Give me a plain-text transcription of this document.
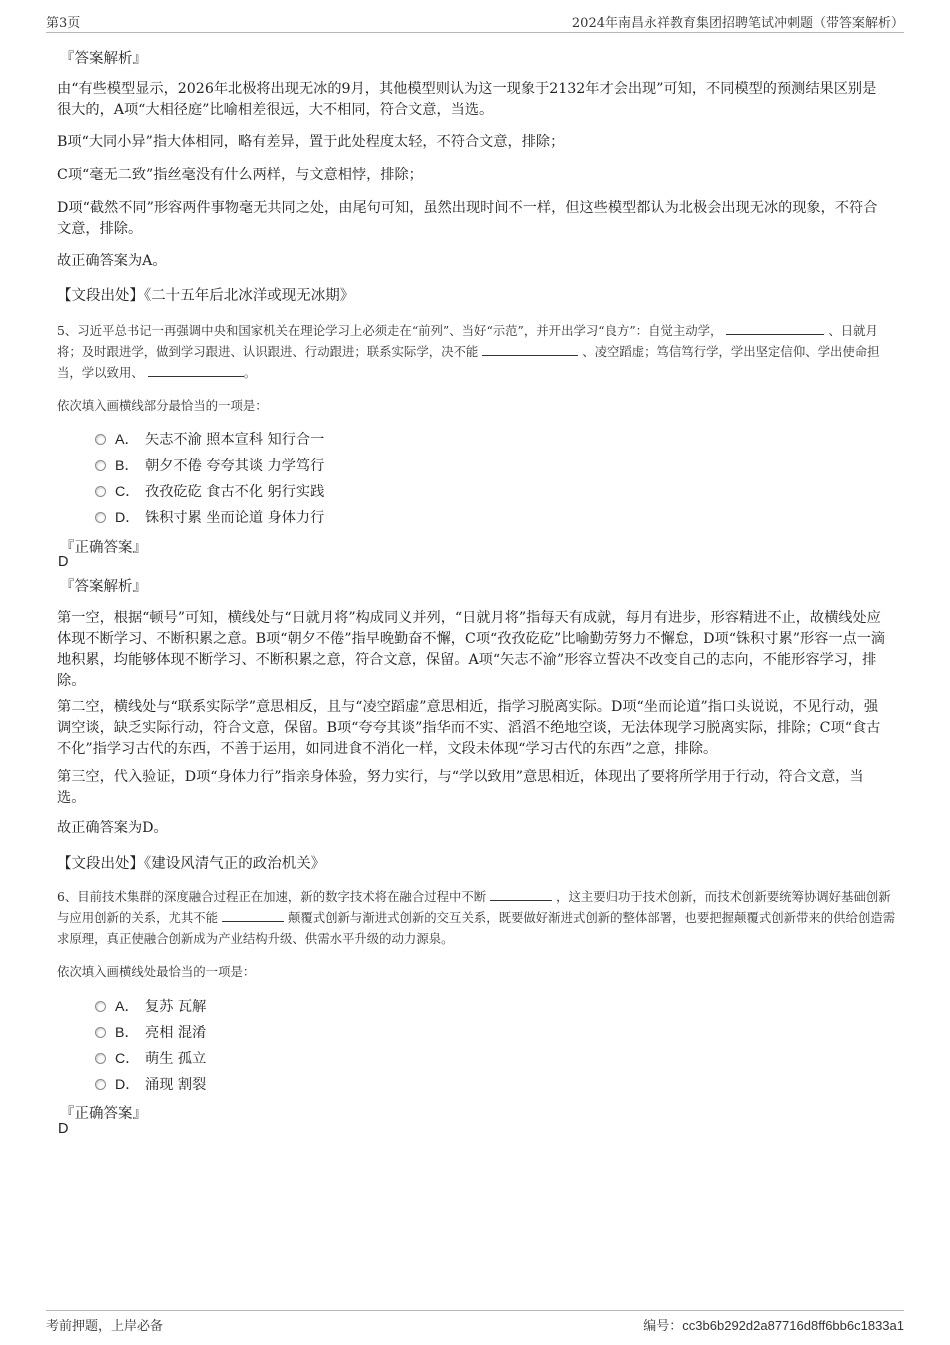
第3页	2024年南昌永祥教育集团招聘笔试冲刺题（带答案解析）
『答案解析』
由“有些模型显示，2026年北极将出现无冰的9月，其他模型则认为这一现象于2132年才会出现”可知，不同模型的预测结果区别是很大的，A项“大相径庭”比喻相差很远，大不相同，符合文意，当选。
B项“大同小异”指大体相同，略有差异，置于此处程度太轻，不符合文意，排除；
C项“毫无二致”指丝毫没有什么两样，与文意相悖，排除；
D项“截然不同”形容两件事物毫无共同之处，由尾句可知，虽然出现时间不一样，但这些模型都认为北极会出现无冰的现象，不符合文意，排除。
故正确答案为A。
【文段出处】《二十五年后北冰洋或现无冰期》
5、习近平总书记一再强调中央和国家机关在理论学习上必须走在“前列”、当好“示范”，并开出学习“良方”：自觉主动学，	、日就月将；及时跟进学，做到学习跟进、认识跟进、行动跟进；联系实际学，决不能	、凌空蹈虚；笃信笃行学，学出坚定信仰、学出使命担当，学以致用、	。
依次填入画横线部分最恰当的一项是：
A． 矢志不渝 照本宣科 知行合一
B． 朝夕不倦 夸夸其谈 力学笃行
C． 孜孜矻矻 食古不化 躬行实践
D． 铢积寸累 坐而论道 身体力行
『正确答案』
D
『答案解析』
第一空，根据“顿号”可知，横线处与“日就月将”构成同义并列，“日就月将”指每天有成就，每月有进步，形容精进不止，故横线处应体现不断学习、不断积累之意。B项“朝夕不倦”指早晚勤奋不懈，C项“孜孜矻矻”比喻勤劳努力不懈怠，D项“铢积寸累”形容一点一滴地积累，均能够体现不断学习、不断积累之意，符合文意，保留。A项“矢志不渝”形容立誓决不改变自己的志向，不能形容学习，排除。
第二空，横线处与“联系实际学”意思相反，且与“凌空蹈虚”意思相近，指学习脱离实际。D项“坐而论道”指口头说说，不见行动，强调空谈，缺乏实际行动，符合文意，保留。B项“夸夸其谈”指华而不实、滔滔不绝地空谈，无法体现学习脱离实际，排除；C项“食古不化”指学习古代的东西，不善于运用，如同进食不消化一样，文段未体现“学习古代的东西”之意，排除。
第三空，代入验证，D项“身体力行”指亲身体验，努力实行，与“学以致用”意思相近，体现出了要将所学用于行动，符合文意，当选。
故正确答案为D。
【文段出处】《建设风清气正的政治机关》
6、目前技术集群的深度融合过程正在加速，新的数字技术将在融合过程中不断	，这主要归功于技术创新，而技术创新要统筹协调好基础创新与应用创新的关系，尤其不能	颠覆式创新与渐进式创新的交互关系，既要做好渐进式创新的整体部署，也要把握颠覆式创新带来的供给创造需求原理，真正使融合创新成为产业结构升级、供需水平升级的动力源泉。
依次填入画横线处最恰当的一项是：
A． 复苏 瓦解
B． 亮相 混淆
C． 萌生 孤立
D． 涌现 割裂
『正确答案』
D
考前押题，上岸必备	编号：cc3b6b292d2a87716d8ff6bb6c1833a1
